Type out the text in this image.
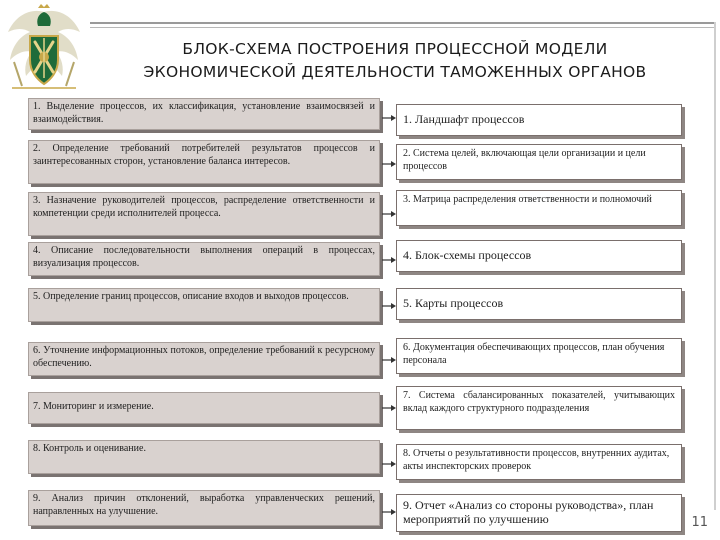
БЛОК-СХЕМА ПОСТРОЕНИЯ ПРОЦЕССНОЙ МОДЕЛИ
ЭКОНОМИЧЕСКОЙ ДЕЯТЕЛЬНОСТИ ТАМОЖЕННЫХ ОРГАНОВ
1. Выделение процессов, их классификация, установление взаимосвязей и взаимодействия.
2. Определение требований потребителей результатов процессов и заинтересованных сторон, установление баланса интересов.
3. Назначение руководителей процессов, распределение ответственности и компетенции среди исполнителей процесса.
4. Описание последовательности выполнения операций в процессах, визуализация процессов.
5. Определение границ процессов, описание входов и выходов процессов.
6. Уточнение информационных потоков, определение требований к ресурсному обеспечению.
7. Мониторинг и измерение.
8. Контроль и оценивание.
9. Анализ причин отклонений, выработка управленческих решений, направленных на улучшение.
1. Ландшафт процессов
2. Система целей, включающая цели организации и цели процессов
3. Матрица распределения ответственности и полномочий
4. Блок-схемы процессов
5. Карты процессов
6. Документация обеспечивающих процессов, план обучения персонала
7. Система сбалансированных показателей, учитывающих вклад каждого структурного подразделения
8. Отчеты о результативности процессов, внутренних аудитах, акты инспекторских проверок
9. Отчет «Анализ со стороны руководства», план мероприятий по улучшению	11
